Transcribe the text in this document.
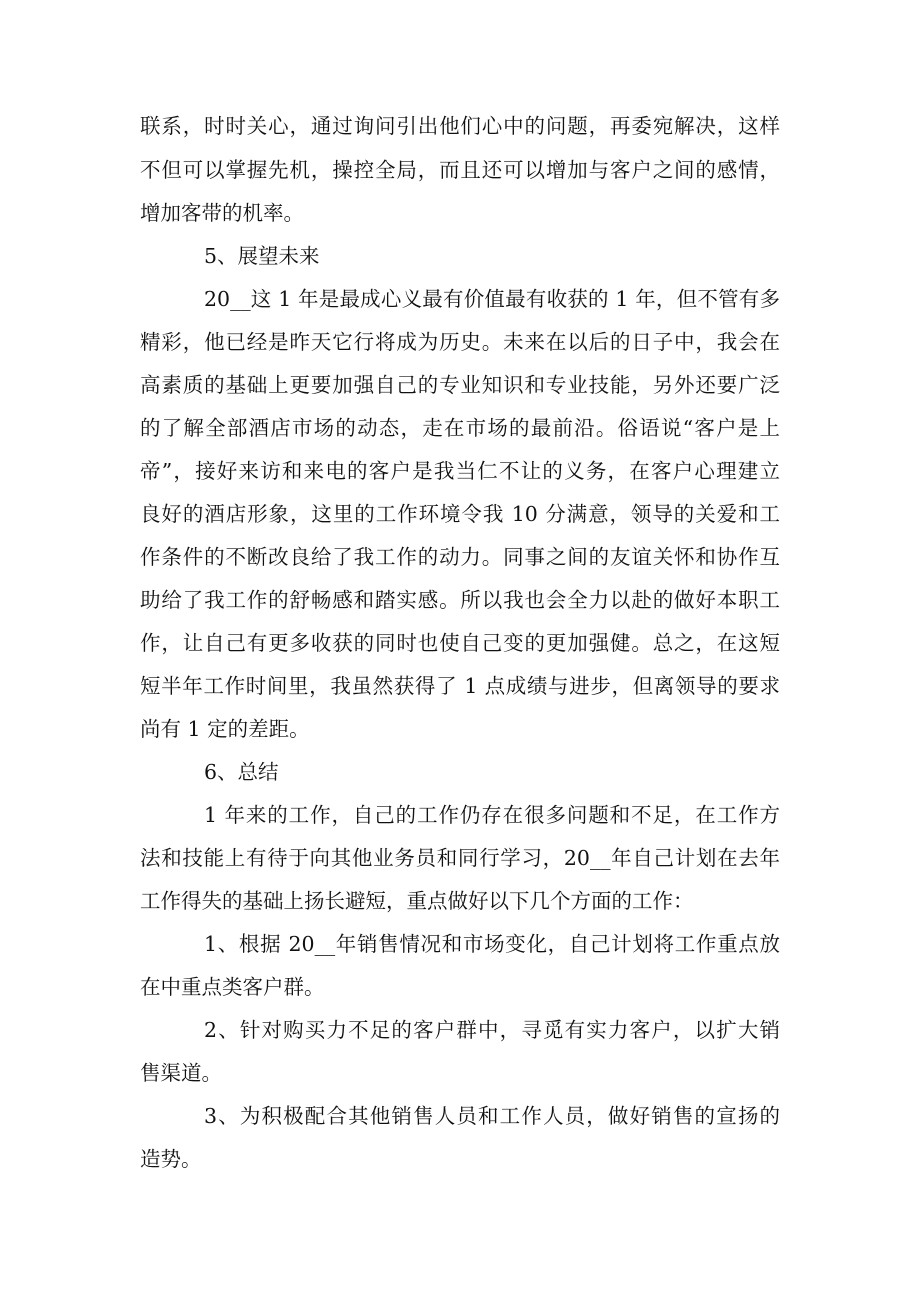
联系，时时关心，通过询问引出他们心中的问题，再委宛解决，这样
不但可以掌握先机，操控全局，而且还可以增加与客户之间的感情，
增加客带的机率。
5、展望未来
20__这 1 年是最成心义最有价值最有收获的 1 年，但不管有多
精彩，他已经是昨天它行将成为历史。未来在以后的日子中，我会在
高素质的基础上更要加强自己的专业知识和专业技能，另外还要广泛
的了解全部酒店市场的动态，走在市场的最前沿。俗语说“客户是上
帝”，接好来访和来电的客户是我当仁不让的义务，在客户心理建立
良好的酒店形象，这里的工作环境令我 10 分满意，领导的关爱和工
作条件的不断改良给了我工作的动力。同事之间的友谊关怀和协作互
助给了我工作的舒畅感和踏实感。所以我也会全力以赴的做好本职工
作，让自己有更多收获的同时也使自己变的更加强健。总之，在这短
短半年工作时间里，我虽然获得了 1 点成绩与进步，但离领导的要求
尚有 1 定的差距。
6、总结
1 年来的工作，自己的工作仍存在很多问题和不足，在工作方
法和技能上有待于向其他业务员和同行学习，20__年自己计划在去年
工作得失的基础上扬长避短，重点做好以下几个方面的工作：
1、根据 20__年销售情况和市场变化，自己计划将工作重点放
在中重点类客户群。
2、针对购买力不足的客户群中，寻觅有实力客户，以扩大销
售渠道。
3、为积极配合其他销售人员和工作人员，做好销售的宣扬的
造势。
